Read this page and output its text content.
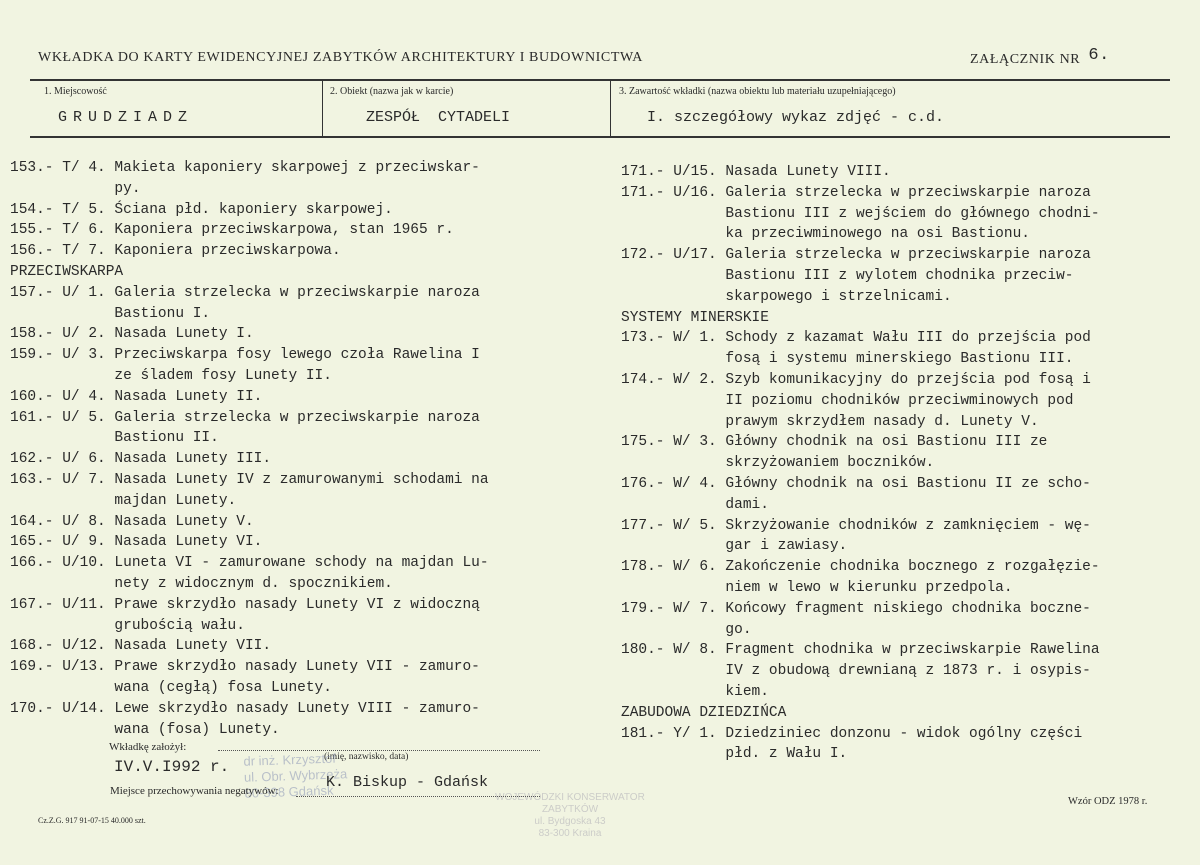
WKŁADKA DO KARTY EWIDENCYJNEJ ZABYTKÓW ARCHITEKTURY I BUDOWNICTWA	ZAŁĄCZNIK NR 6.
1. Miejscowość
GRUDZIADZ
2. Obiekt (nazwa jak w karcie)
ZESPÓŁ  CYTADELI
3. Zawartość wkładki (nazwa obiektu lub materiału uzupełniającego)
I. szczegółowy wykaz zdjęć - c.d.
153.- T/ 4. Makieta kaponiery skarpowej z przeciwskar-
py.
154.- T/ 5. Ściana płd. kaponiery skarpowej.
155.- T/ 6. Kaponiera przeciwskarpowa, stan 1965 r.
156.- T/ 7. Kaponiera przeciwskarpowa.
PRZECIWSKARPA
157.- U/ 1. Galeria strzelecka w przeciwskarpie naroza
Bastionu I.
158.- U/ 2. Nasada Lunety I.
159.- U/ 3. Przeciwskarpa fosy lewego czoła Rawelina I
ze śladem fosy Lunety II.
160.- U/ 4. Nasada Lunety II.
161.- U/ 5. Galeria strzelecka w przeciwskarpie naroza
Bastionu II.
162.- U/ 6. Nasada Lunety III.
163.- U/ 7. Nasada Lunety IV z zamurowanymi schodami na
majdan Lunety.
164.- U/ 8. Nasada Lunety V.
165.- U/ 9. Nasada Lunety VI.
166.- U/10. Luneta VI - zamurowane schody na majdan Lu-
nety z widocznym d. spocznikiem.
167.- U/11. Prawe skrzydło nasady Lunety VI z widoczną
grubością wału.
168.- U/12. Nasada Lunety VII.
169.- U/13. Prawe skrzydło nasady Lunety VII - zamuro-
wana (cegłą) fosa Lunety.
170.- U/14. Lewe skrzydło nasady Lunety VIII - zamuro-
wana (fosa) Lunety.
171.- U/15. Nasada Lunety VIII.
171.- U/16. Galeria strzelecka w przeciwskarpie naroza
Bastionu III z wejściem do głównego chodni-
ka przeciwminowego na osi Bastionu.
172.- U/17. Galeria strzelecka w przeciwskarpie naroza
Bastionu III z wylotem chodnika przeciw-
skarpowego i strzelnicami.
SYSTEMY MINERSKIE
173.- W/ 1. Schody z kazamat Wału III do przejścia pod
fosą i systemu minerskiego Bastionu III.
174.- W/ 2. Szyb komunikacyjny do przejścia pod fosą i
II poziomu chodników przeciwminowych pod
prawym skrzydłem nasady d. Lunety V.
175.- W/ 3. Główny chodnik na osi Bastionu III ze
skrzyżowaniem boczników.
176.- W/ 4. Główny chodnik na osi Bastionu II ze scho-
dami.
177.- W/ 5. Skrzyżowanie chodników z zamknięciem - wę-
gar i zawiasy.
178.- W/ 6. Zakończenie chodnika bocznego z rozgałęzie-
niem w lewo w kierunku przedpola.
179.- W/ 7. Końcowy fragment niskiego chodnika boczne-
go.
180.- W/ 8. Fragment chodnika w przeciwskarpie Rawelina
IV z obudową drewnianą z 1873 r. i osypis-
kiem.
ZABUDOWA DZIEDZIŃCA
181.- Y/ 1. Dziedziniec donzonu - widok ogólny części
płd. z Wału I.
Wkładkę założył:
(imię, nazwisko, data)
IV.V.I992 r. dr inż. Krzysztof
ul. Obr. Wybrzeża
80-398 Gdańsk	WOJEWÓDZKI KONSERWATOR
ZABYTKÓW
ul. Bydgoska 43
83-300 Kraina
Miejsce przechowywania negatywów:	K. Biskup - Gdańsk
Cz.Z.G. 917 91-07-15 40.000 szt.
Wzór ODZ 1978 r.
